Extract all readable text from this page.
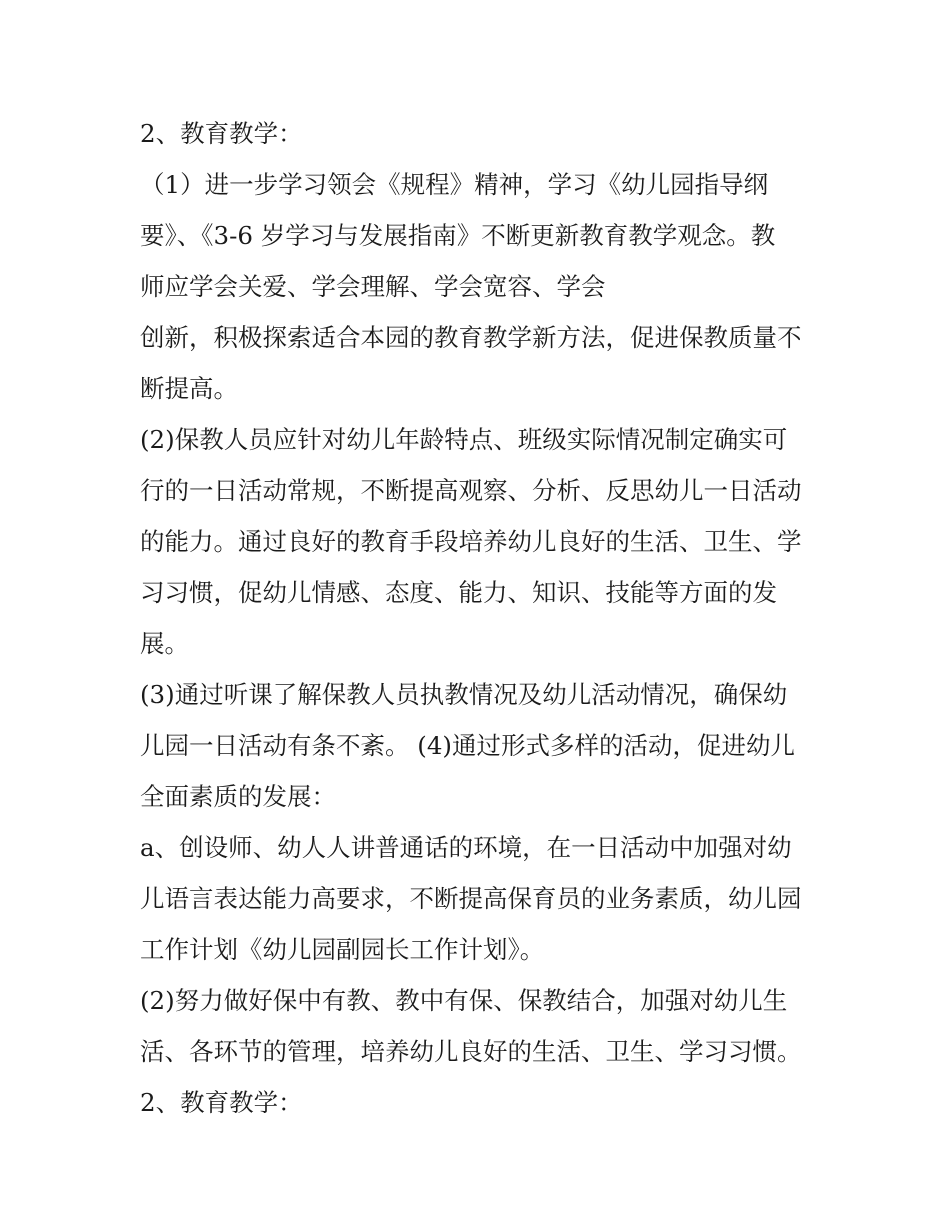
2、教育教学：
（1）进一步学习领会《规程》精神，学习《幼儿园指导纲
要》、《3-6 岁学习与发展指南》不断更新教育教学观念。教
师应学会关爱、学会理解、学会宽容、学会
创新，积极探索适合本园的教育教学新方法，促进保教质量不
断提高。
(2)保教人员应针对幼儿年龄特点、班级实际情况制定确实可
行的一日活动常规，不断提高观察、分析、反思幼儿一日活动
的能力。通过良好的教育手段培养幼儿良好的生活、卫生、学
习习惯，促幼儿情感、态度、能力、知识、技能等方面的发
展。
(3)通过听课了解保教人员执教情况及幼儿活动情况，确保幼
儿园一日活动有条不紊。 (4)通过形式多样的活动，促进幼儿
全面素质的发展：
a、创设师、幼人人讲普通话的环境，在一日活动中加强对幼
儿语言表达能力高要求，不断提高保育员的业务素质，幼儿园
工作计划《幼儿园副园长工作计划》。
(2)努力做好保中有教、教中有保、保教结合，加强对幼儿生
活、各环节的管理，培养幼儿良好的生活、卫生、学习习惯。
2、教育教学：
